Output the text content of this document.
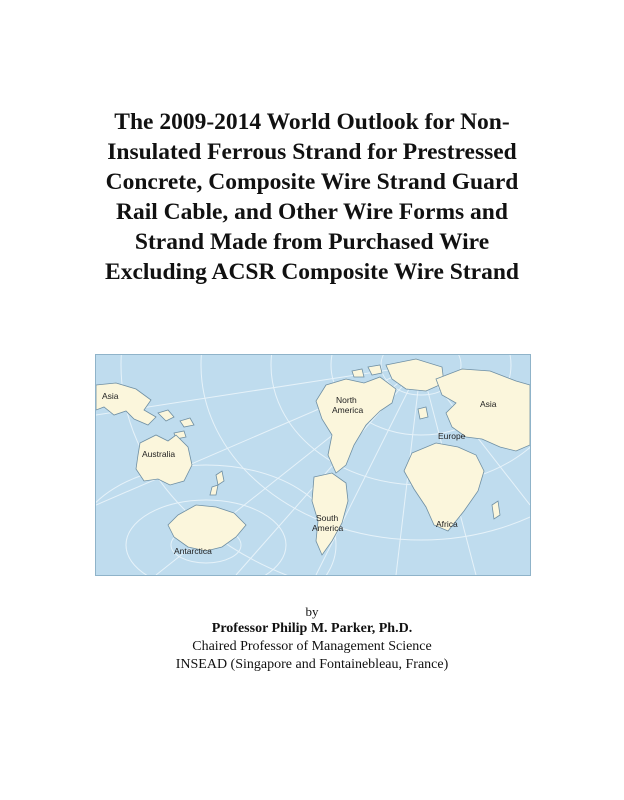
The 2009-2014 World Outlook for Non-
Insulated Ferrous Strand for Prestressed
Concrete, Composite Wire Strand Guard
Rail Cable, and Other Wire Forms and
Strand Made from Purchased Wire
Excluding ACSR Composite Wire Strand
Asia
Australia
Antarctica
North
America
South
America
Europe
Asia
Africa
by
Professor Philip M. Parker, Ph.D.
Chaired Professor of Management Science
INSEAD (Singapore and Fontainebleau, France)
